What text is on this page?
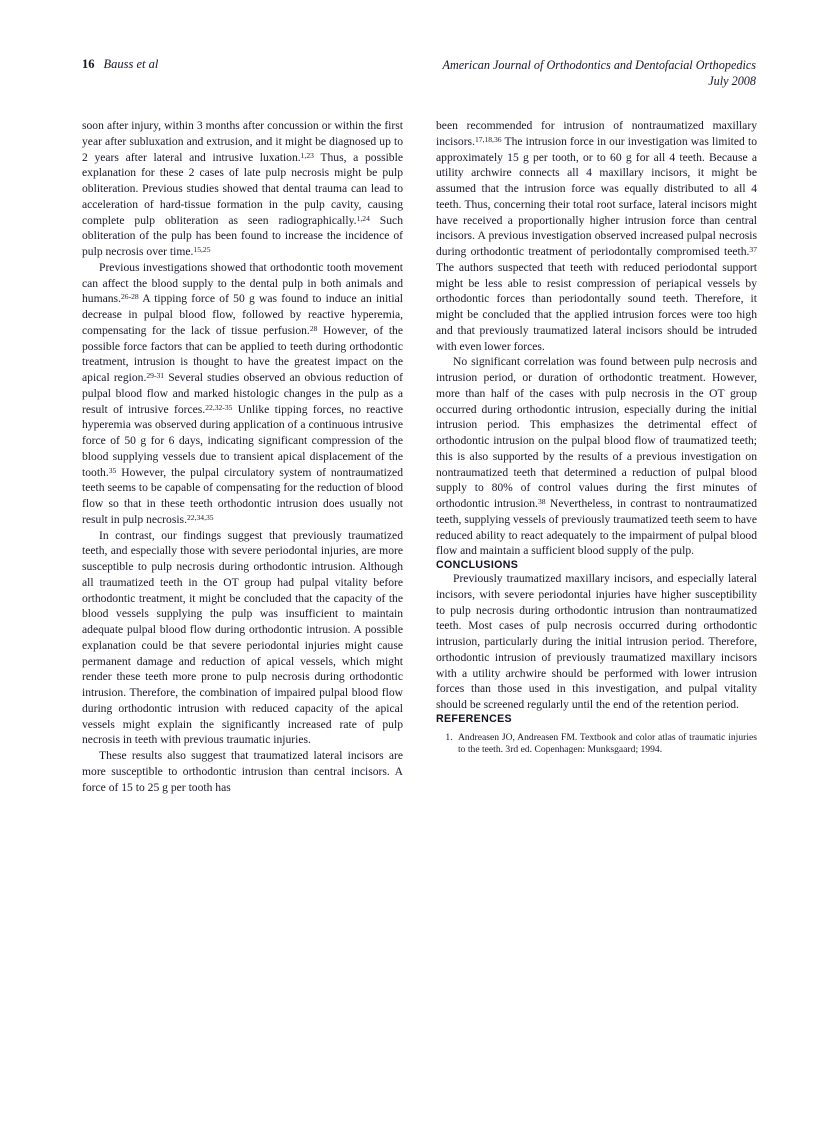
16 Bauss et al	American Journal of Orthodontics and Dentofacial Orthopedics
July 2008

soon after injury, within 3 months after concussion or within the first year after subluxation and extrusion, and it might be diagnosed up to 2 years after lateral and intrusive luxation.$^{1,23}$ Thus, a possible explanation for these 2 cases of late pulp necrosis might be pulp obliteration. Previous studies showed that dental trauma can lead to acceleration of hard-tissue formation in the pulp cavity, causing complete pulp obliteration as seen radiographically.$^{1,24}$ Such obliteration of the pulp has been found to increase the incidence of pulp necrosis over time.$^{15,25}$

Previous investigations showed that orthodontic tooth movement can affect the blood supply to the dental pulp in both animals and humans.$^{26-28}$ A tipping force of 50 g was found to induce an initial decrease in pulpal blood flow, followed by reactive hyperemia, compensating for the lack of tissue perfusion.$^{28}$ However, of the possible force factors that can be applied to teeth during orthodontic treatment, intrusion is thought to have the greatest impact on the apical region.$^{29-31}$ Several studies observed an obvious reduction of pulpal blood flow and marked histologic changes in the pulp as a result of intrusive forces.$^{22,32-35}$ Unlike tipping forces, no reactive hyperemia was observed during application of a continuous intrusive force of 50 g for 6 days, indicating significant compression of the blood supplying vessels due to transient apical displacement of the tooth.$^{35}$ However, the pulpal circulatory system of nontraumatized teeth seems to be capable of compensating for the reduction of blood flow so that in these teeth orthodontic intrusion does usually not result in pulp necrosis.$^{22,34,35}$

In contrast, our findings suggest that previously traumatized teeth, and especially those with severe periodontal injuries, are more susceptible to pulp necrosis during orthodontic intrusion. Although all traumatized teeth in the OT group had pulpal vitality before orthodontic treatment, it might be concluded that the capacity of the blood vessels supplying the pulp was insufficient to maintain adequate pulpal blood flow during orthodontic intrusion. A possible explanation could be that severe periodontal injuries might cause permanent damage and reduction of apical vessels, which might render these teeth more prone to pulp necrosis during orthodontic intrusion. Therefore, the combination of impaired pulpal blood flow during orthodontic intrusion with reduced capacity of the apical vessels might explain the significantly increased rate of pulp necrosis in teeth with previous traumatic injuries.

These results also suggest that traumatized lateral incisors are more susceptible to orthodontic intrusion than central incisors. A force of 15 to 25 g per tooth has

been recommended for intrusion of nontraumatized maxillary incisors.$^{17,18,36}$ The intrusion force in our investigation was limited to approximately 15 g per tooth, or to 60 g for all 4 teeth. Because a utility archwire connects all 4 maxillary incisors, it might be assumed that the intrusion force was equally distributed to all 4 teeth. Thus, concerning their total root surface, lateral incisors might have received a proportionally higher intrusion force than central incisors. A previous investigation observed increased pulpal necrosis during orthodontic treatment of periodontally compromised teeth.$^{37}$ The authors suspected that teeth with reduced periodontal support might be less able to resist compression of periapical vessels by orthodontic forces than periodontally sound teeth. Therefore, it might be concluded that the applied intrusion forces were too high and that previously traumatized lateral incisors should be intruded with even lower forces.

No significant correlation was found between pulp necrosis and intrusion period, or duration of orthodontic treatment. However, more than half of the cases with pulp necrosis in the OT group occurred during orthodontic intrusion, especially during the initial intrusion period. This emphasizes the detrimental effect of orthodontic intrusion on the pulpal blood flow of traumatized teeth; this is also supported by the results of a previous investigation on nontraumatized teeth that determined a reduction of pulpal blood supply to 80% of control values during the first minutes of orthodontic intrusion.$^{38}$ Nevertheless, in contrast to nontraumatized teeth, supplying vessels of previously traumatized teeth seem to have reduced ability to react adequately to the impairment of pulpal blood flow and maintain a sufficient blood supply of the pulp.

CONCLUSIONS

Previously traumatized maxillary incisors, and especially lateral incisors, with severe periodontal injuries have higher susceptibility to pulp necrosis during orthodontic intrusion than nontraumatized teeth. Most cases of pulp necrosis occurred during orthodontic intrusion, particularly during the initial intrusion period. Therefore, orthodontic intrusion of previously traumatized maxillary incisors with a utility archwire should be performed with lower intrusion forces than those used in this investigation, and pulpal vitality should be screened regularly until the end of the retention period.

REFERENCES
1. Andreasen JO, Andreasen FM. Textbook and color atlas of traumatic injuries to the teeth. 3rd ed. Copenhagen: Munksgaard; 1994.
